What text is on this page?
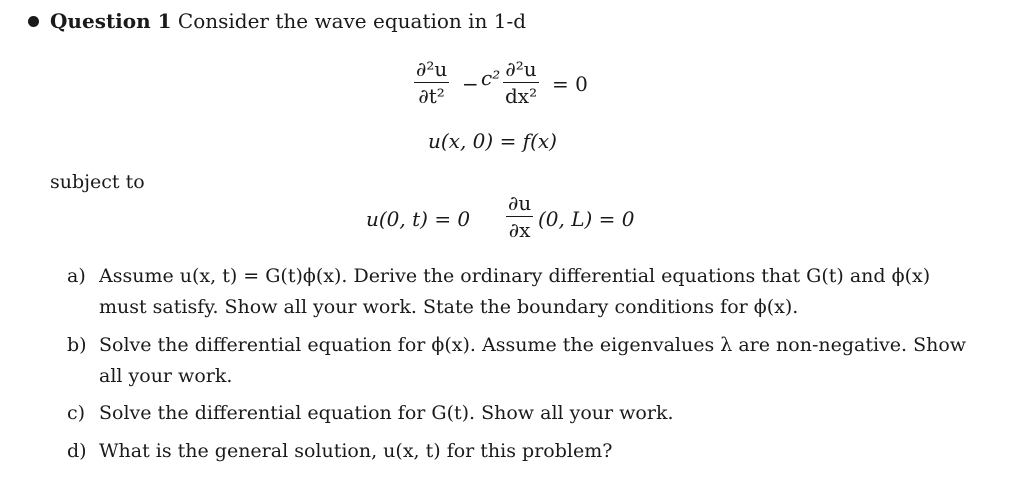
Question 1 Consider the wave equation in 1-d
∂²u
∂t²
− c² ∂²u
dx²
= 0
u(x, 0) = f(x)
subject to
u(0, t) = 0
∂u
∂x (0, L) = 0
a) Assume u(x, t) = G(t)ϕ(x). Derive the ordinary differential equations that G(t) and ϕ(x)
must satisfy. Show all your work. State the boundary conditions for ϕ(x).
b) Solve the differential equation for ϕ(x). Assume the eigenvalues λ are non-negative. Show
all your work.
c) Solve the differential equation for G(t). Show all your work.
d) What is the general solution, u(x, t) for this problem?
